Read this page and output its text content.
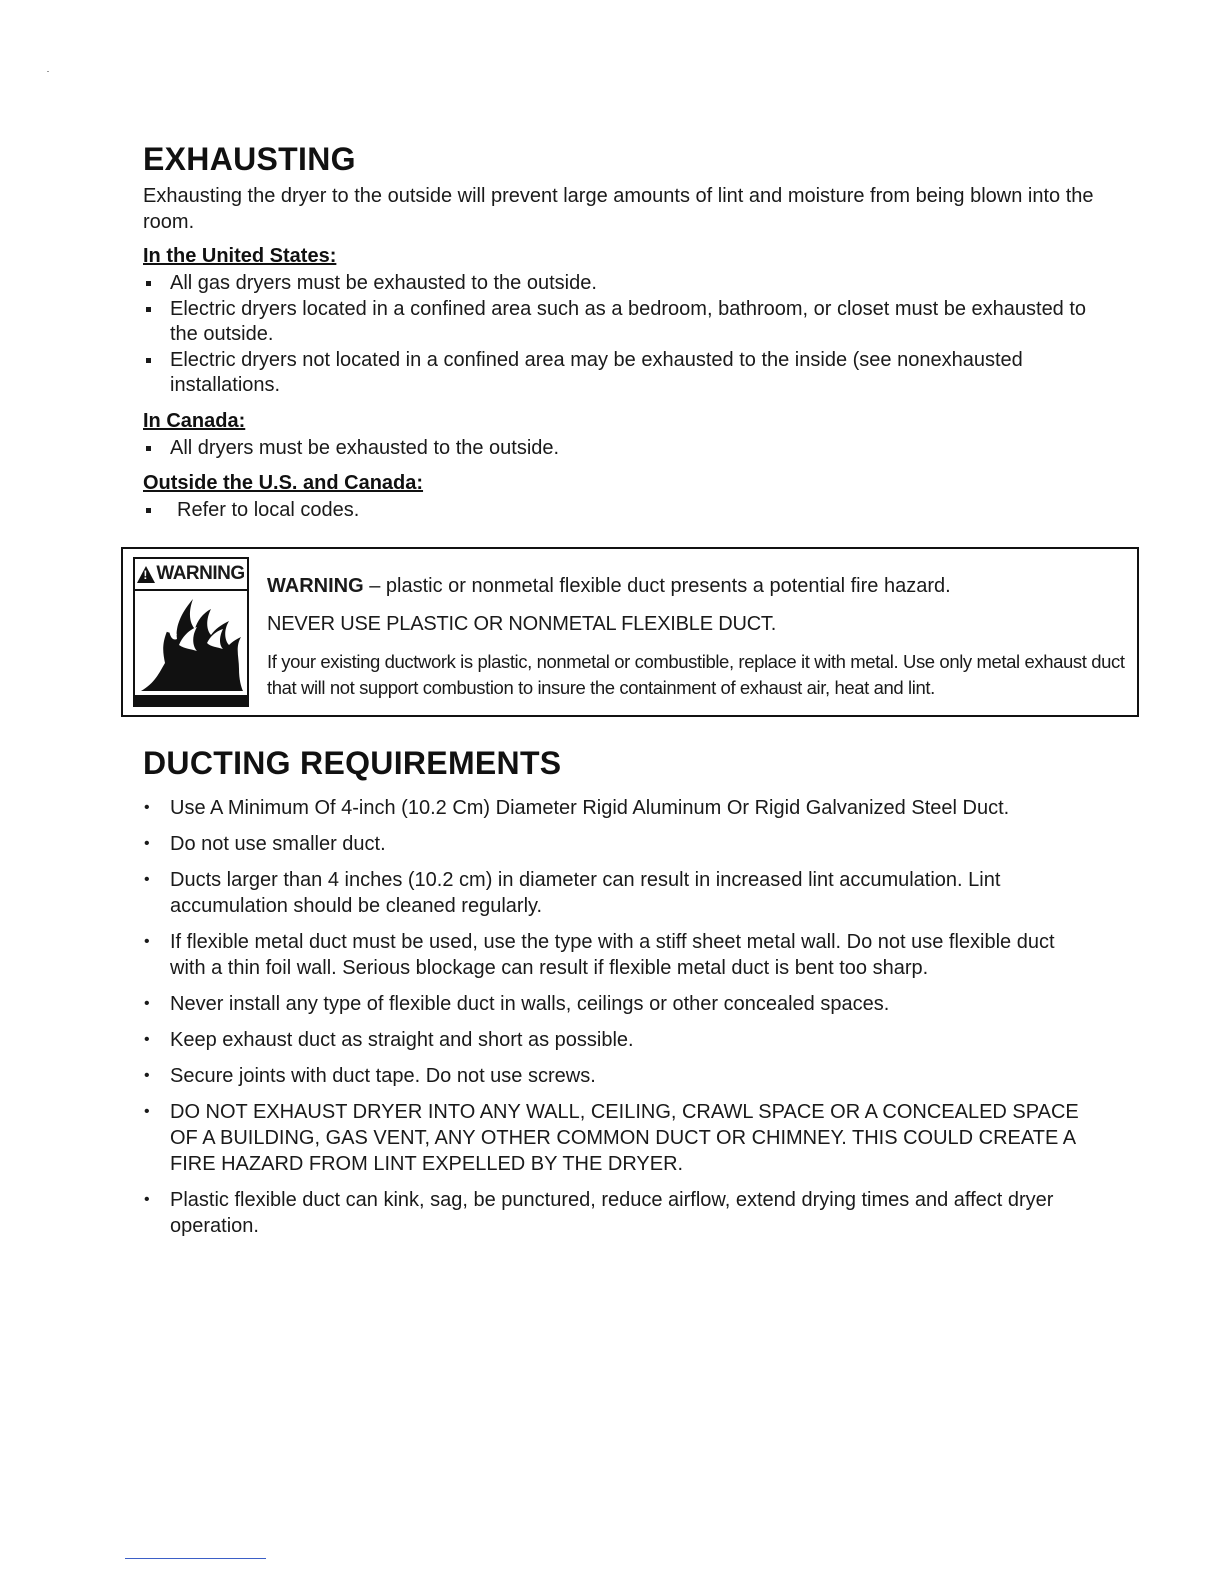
EXHAUSTING

Exhausting the dryer to the outside will prevent large amounts of lint and moisture from being blown into the room.

In the United States:

All gas dryers must be exhausted to the outside.
Electric dryers located in a confined area such as a bedroom, bathroom, or closet must be exhausted to the outside.
Electric dryers not located in a confined area may be exhausted to the inside (see nonexhausted installations.

In Canada:

All dryers must be exhausted to the outside.

Outside the U.S. and Canada:

Refer to local codes.
!
WARNING

WARNING – plastic or nonmetal flexible duct presents a potential fire hazard.

NEVER USE PLASTIC OR NONMETAL FLEXIBLE DUCT.

If your existing ductwork is plastic, nonmetal or combustible, replace it with metal. Use only metal exhaust duct that will not support combustion to insure the containment of exhaust air, heat and lint.

DUCTING REQUIREMENTS
• Use A Minimum Of 4-inch (10.2 Cm) Diameter Rigid Aluminum Or Rigid Galvanized Steel Duct.
• Do not use smaller duct.
• Ducts larger than 4 inches (10.2 cm) in diameter can result in increased lint accumulation. Lint accumulation should be cleaned regularly.
• If flexible metal duct must be used, use the type with a stiff sheet metal wall. Do not use flexible duct with a thin foil wall. Serious blockage can result if flexible metal duct is bent too sharp.
• Never install any type of flexible duct in walls, ceilings or other concealed spaces.
• Keep exhaust duct as straight and short as possible.
• Secure joints with duct tape. Do not use screws.
• DO NOT EXHAUST DRYER INTO ANY WALL, CEILING, CRAWL SPACE OR A CONCEALED SPACE OF A BUILDING, GAS VENT, ANY OTHER COMMON DUCT OR CHIMNEY. THIS COULD CREATE A FIRE HAZARD FROM LINT EXPELLED BY THE DRYER.
• Plastic flexible duct can kink, sag, be punctured, reduce airflow, extend drying times and affect dryer operation.
